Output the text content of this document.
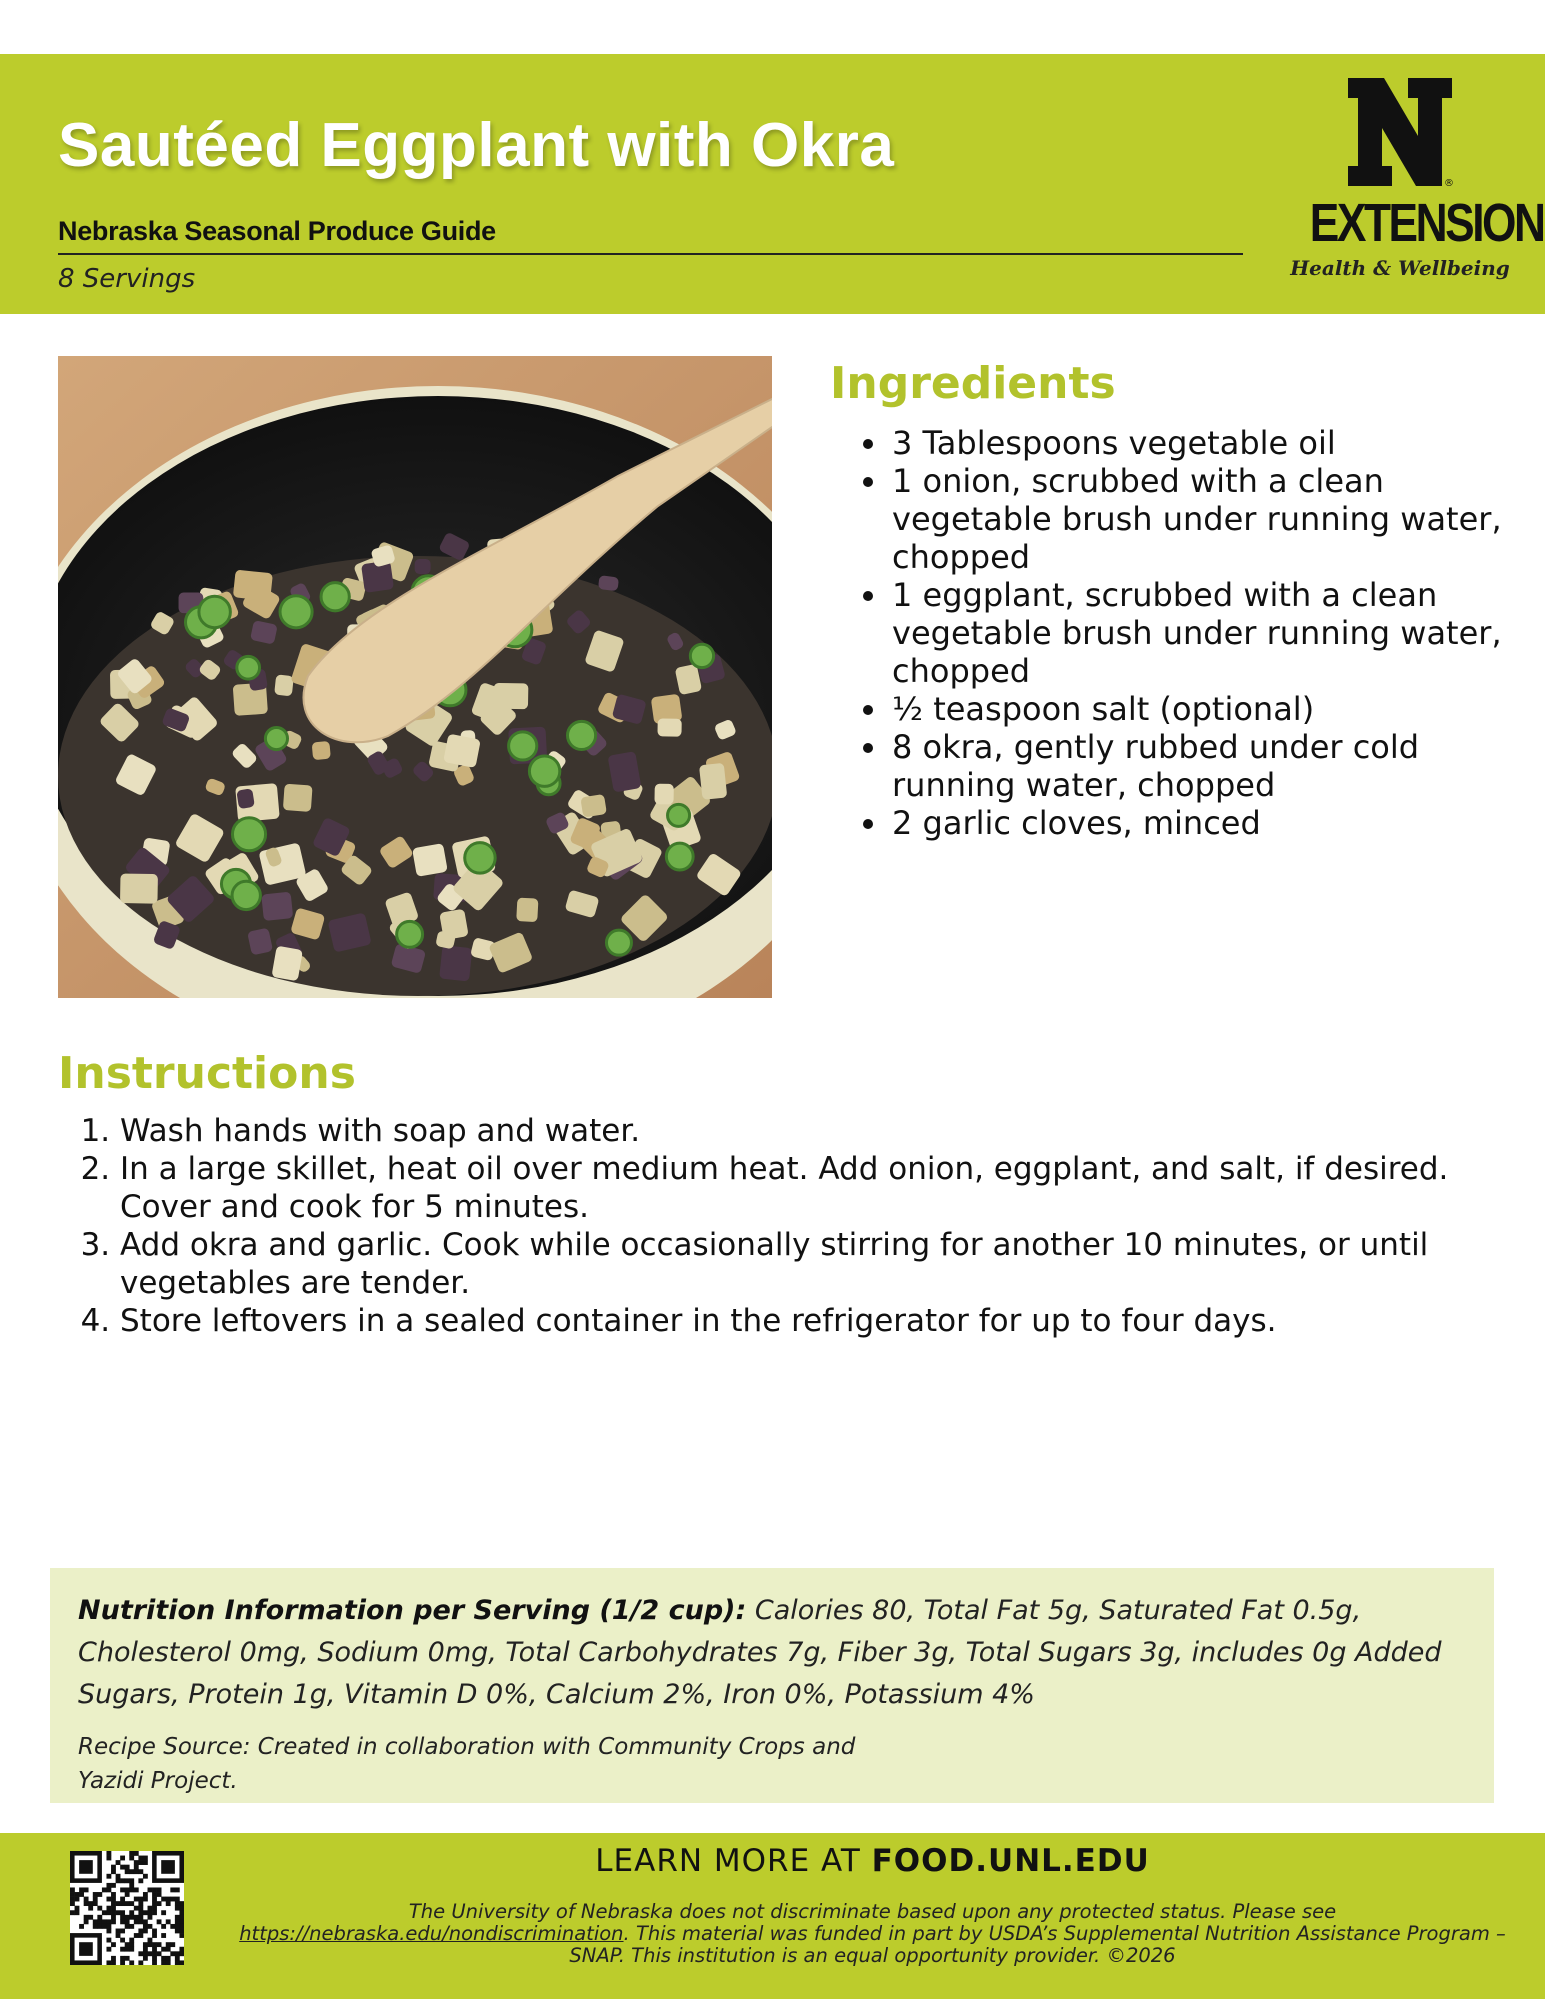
Sautéed Eggplant with Okra
Nebraska Seasonal Produce Guide
8 Servings
®
EXTENSION
Health & Wellbeing
Ingredients
• 3 Tablespoons vegetable oil
• 1 onion, scrubbed with a clean vegetable brush under running water, chopped
• 1 eggplant, scrubbed with a clean vegetable brush under running water, chopped
• ½ teaspoon salt (optional)
• 8 okra, gently rubbed under cold running water, chopped
• 2 garlic cloves, minced
Instructions
1. Wash hands with soap and water.
2. In a large skillet, heat oil over medium heat. Add onion, eggplant, and salt, if desired. Cover and cook for 5 minutes.
3. Add okra and garlic. Cook while occasionally stirring for another 10 minutes, or until vegetables are tender.
4. Store leftovers in a sealed container in the refrigerator for up to four days.

Nutrition Information per Serving (1/2 cup): Calories 80, Total Fat 5g, Saturated Fat 0.5g, Cholesterol 0mg, Sodium 0mg, Total Carbohydrates 7g, Fiber 3g, Total Sugars 3g, includes 0g Added Sugars, Protein 1g, Vitamin D 0%, Calcium 2%, Iron 0%, Potassium 4%

Recipe Source: Created in collaboration with Community Crops and Yazidi Project.

LEARN MORE AT FOOD.UNL.EDU
The University of Nebraska does not discriminate based upon any protected status. Please see https://nebraska.edu/nondiscrimination. This material was funded in part by USDA’s Supplemental Nutrition Assistance Program – SNAP. This institution is an equal opportunity provider. ©2026
